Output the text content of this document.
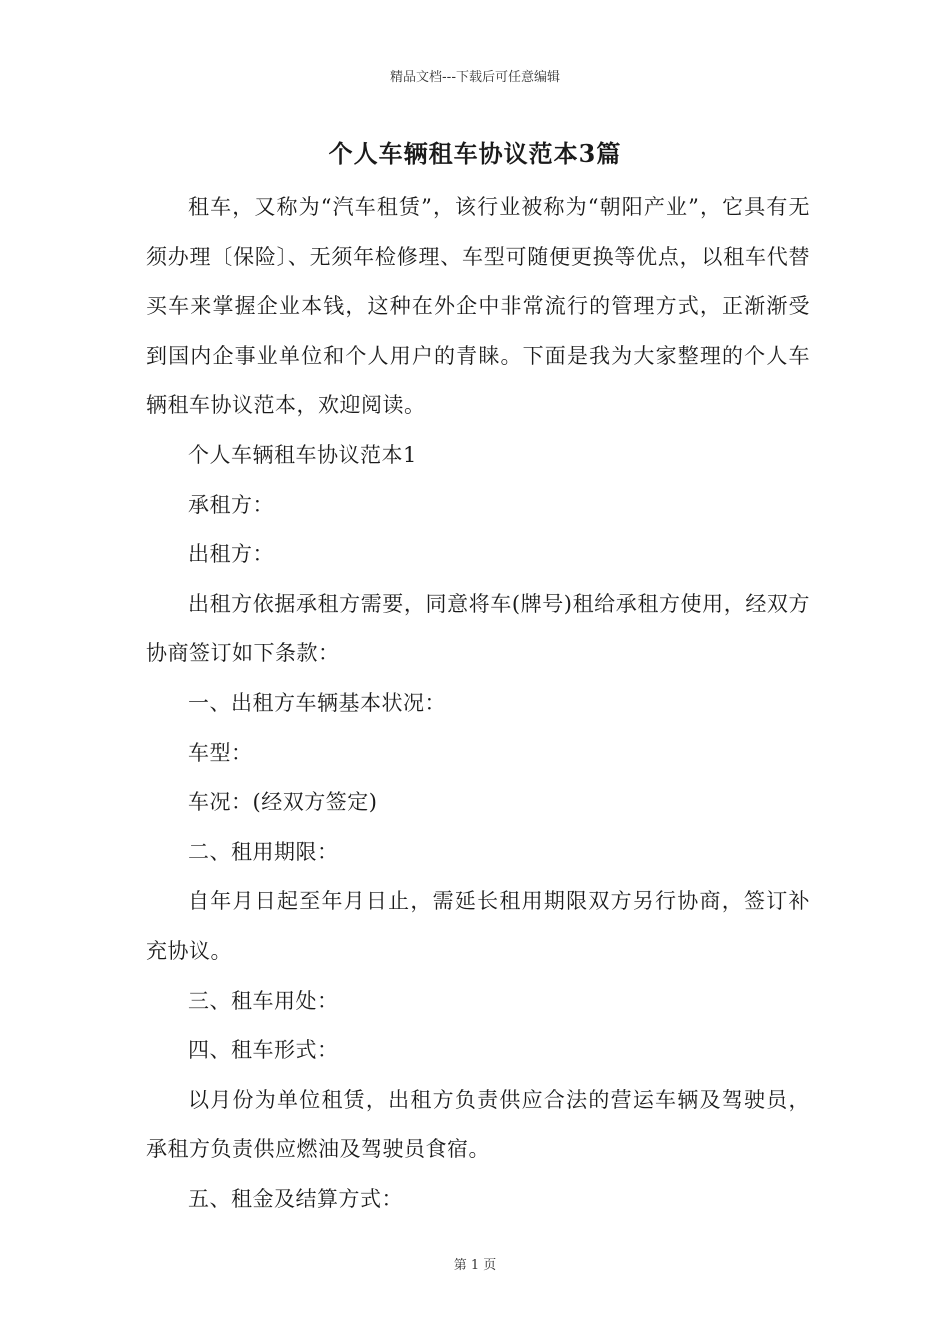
精品文档---下载后可任意编辑
个人车辆租车协议范本3篇

租车，又称为“汽车租赁”，该行业被称为“朝阳产业”，它具有无须办理〔保险〕、无须年检修理、车型可随便更换等优点，以租车代替买车来掌握企业本钱，这种在外企中非常流行的管理方式，正渐渐受到国内企事业单位和个人用户的青睐。下面是我为大家整理的个人车辆租车协议范本，欢迎阅读。

个人车辆租车协议范本1

承租方：

出租方：

出租方依据承租方需要，同意将车(牌号)租给承租方使用，经双方协商签订如下条款：

一、出租方车辆基本状况：

车型：

车况：(经双方签定)

二、租用期限：

自年月日起至年月日止，需延长租用期限双方另行协商，签订补充协议。

三、租车用处：

四、租车形式：

以月份为单位租赁，出租方负责供应合法的营运车辆及驾驶员，承租方负责供应燃油及驾驶员食宿。

五、租金及结算方式：

第 1 页
